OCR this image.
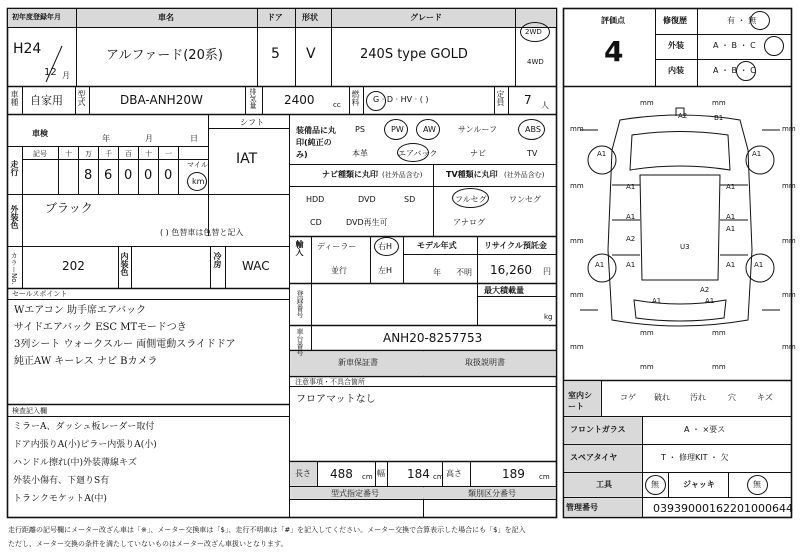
初年度登録年月	車名	ドア 形状	グレード
H24
12 月
アルファード(20系)	5 V	240S type GOLD
2WD
4WD
車種 自家用 型式	DBA-ANH20W	排気量 2400	cc 燃料 G · D · HV · ( )	定員 7 人
車検
年	月	日
走行
記号	十 万 千 百 十 一
8 6 0 0 0
マイル
km
シフト
IAT
装備品に丸印(純正のみ)
PS	PW AW	サンルーフ	ABS
本革	エアバック	ナビ	TV
ナビ種類に丸印 (社外品含む)
HDD	DVD	SD
CD	DVD再生可
TV種類に丸印 (社外品含む)
フルセグ	ワンセグ
アナログ
外装色 ブラック
( ) 色替車は色替と記入
カラーNo.	202	内装色	冷房 WAC
輸入 ディーラー
並行
右H
左H
モデル年式
年 不明
リサイクル預託金
16,260 円
登録番号	最大積載量
kg
車台番号	ANH20-8257753
新車保証書	取扱説明書
セールスポイント
Wエアコン 助手席エアバック
サイドエアバック ESC MTモードつき
3列シート ウォークスルー 両側電動スライドドア
純正AW キーレス ナビ Bカメラ
注意事項・不具合箇所
フロアマットなし
検査記入欄
ミラーA、ダッシュ板レーダー取付
ドア内張りA(小)ピラー内張りA(小)
ハンドル擦れ(中)外装薄線キズ
外装小傷有、下廻りS有
トランクモケットA(中)
長さ 488 cm 幅 184 cm 高さ	189 cm
型式指定番号	類別区分番号
評価点
4
修復歴	有 ・ 無
外装	A ・ B ・ C
内装	A ・ B ・ C
A2	B1
A1	A1
A1	A1
A1	A1
A1
A1	A1
A2
U3
A1	A1
A2
A1	A1
mm	mm
mm	mm
mm	mm
mm	mm
mm	mm
mm	mm
mm	mm
mm	mm
室内シート
コゲ 破れ	汚れ	穴	キズ
フロントガラス	A ・ ×要ス
スペアタイヤ	T ・ 修理KIT ・ 欠
工具	無	ジャッキ	無
管理番号	03939000162201000644
走行距離の記号欄にメーター改ざん車は「※」、メーター交換車は「$」、走行不明車は「#」を記入してください。メーター交換で合算表示した場合にも「$」を記入
ただし、メーター交換の条件を満たしていないものはメーター改ざん車扱いとなります。
